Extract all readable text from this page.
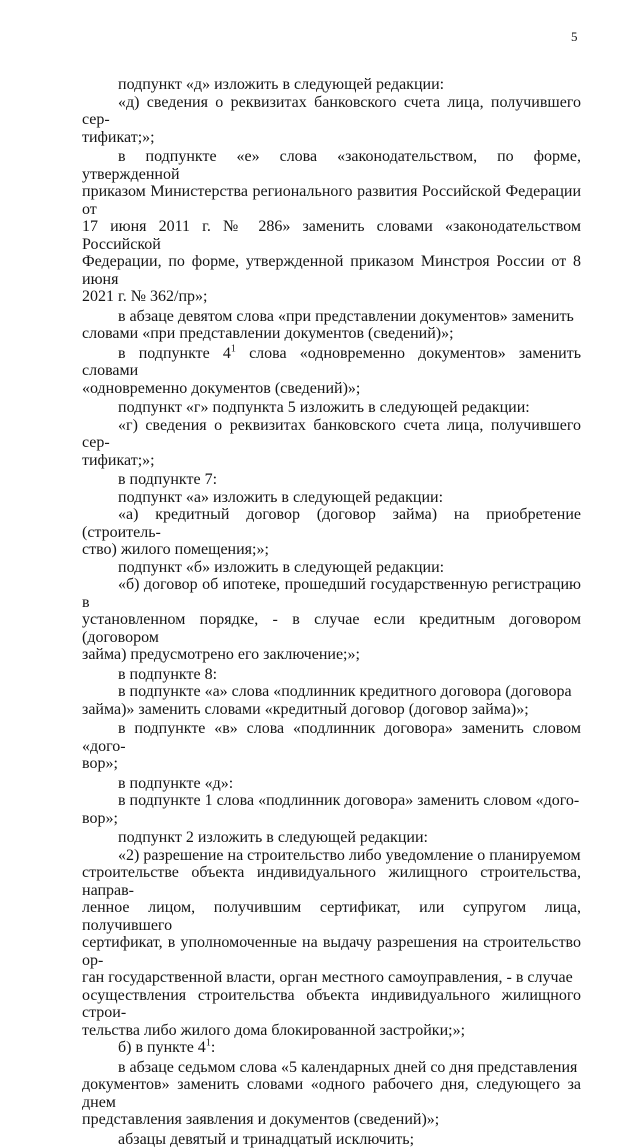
5

подпункт «д» изложить в следующей редакции:

«д) сведения о реквизитах банковского счета лица, получившего сер-
тификат;»;

в подпункте «е» слова «законодательством, по форме, утвержденной
приказом Министерства регионального развития Российской Федерации от
17 июня 2011 г. № 286» заменить словами «законодательством Российской
Федерации, по форме, утвержденной приказом Минстроя России от 8 июня
2021 г. № 362/пр»;

в абзаце девятом слова «при представлении документов» заменить
словами «при представлении документов (сведений)»;

в подпункте $4^1$ слова «одновременно документов» заменить словами
«одновременно документов (сведений)»;

подпункт «г» подпункта 5 изложить в следующей редакции:

«г) сведения о реквизитах банковского счета лица, получившего сер-
тификат;»;

в подпункте 7:

подпункт «а» изложить в следующей редакции:

«а) кредитный договор (договор займа) на приобретение (строитель-
ство) жилого помещения;»;

подпункт «б» изложить в следующей редакции:

«б) договор об ипотеке, прошедший государственную регистрацию в
установленном порядке, - в случае если кредитным договором (договором
займа) предусмотрено его заключение;»;

в подпункте 8:

в подпункте «а» слова «подлинник кредитного договора (договора
займа)» заменить словами «кредитный договор (договор займа)»;

в подпункте «в» слова «подлинник договора» заменить словом «дого-
вор»;

в подпункте «д»:

в подпункте 1 слова «подлинник договора» заменить словом «дого-
вор»;

подпункт 2 изложить в следующей редакции:

«2) разрешение на строительство либо уведомление о планируемом
строительстве объекта индивидуального жилищного строительства, направ-
ленное лицом, получившим сертификат, или супругом лица, получившего
сертификат, в уполномоченные на выдачу разрешения на строительство ор-
ган государственной власти, орган местного самоуправления, - в случае
осуществления строительства объекта индивидуального жилищного строи-
тельства либо жилого дома блокированной застройки;»;

б) в пункте $4^1$:

в абзаце седьмом слова «5 календарных дней со дня представления
документов» заменить словами «одного рабочего дня, следующего за днем
представления заявления и документов (сведений)»;

абзацы девятый и тринадцатый исключить;
